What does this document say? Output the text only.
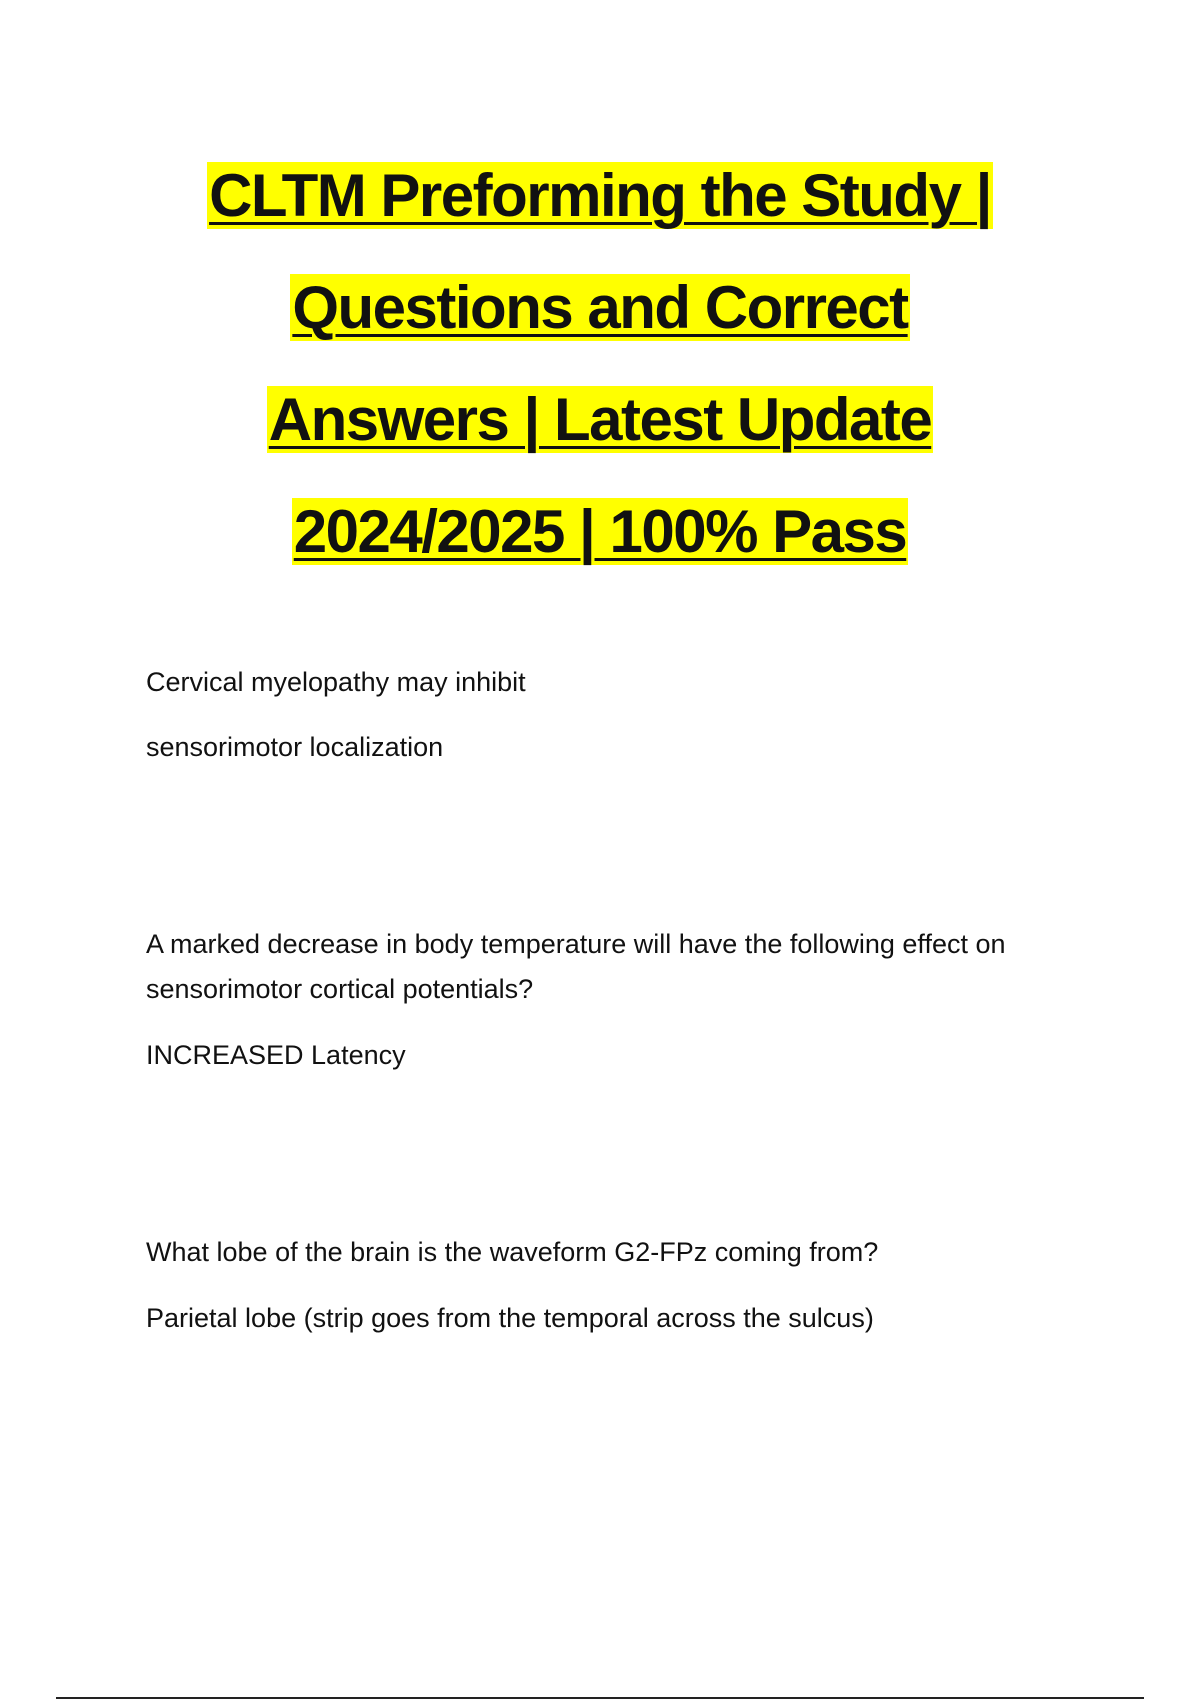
CLTM Preforming the Study |
Questions and Correct
Answers | Latest Update
2024/2025 | 100% Pass
Cervical myelopathy may inhibit
sensorimotor localization
A marked decrease in body temperature will have the following effect on sensorimotor cortical potentials?
INCREASED Latency
What lobe of the brain is the waveform G2-FPz coming from?
Parietal lobe (strip goes from the temporal across the sulcus)
